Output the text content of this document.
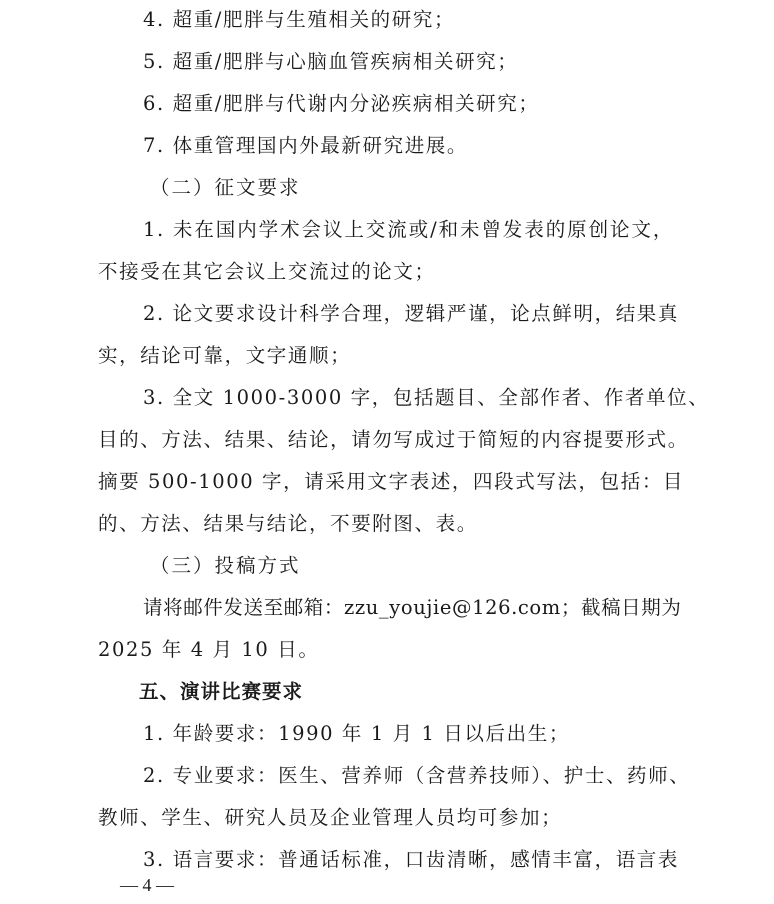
4. 超重/肥胖与生殖相关的研究；
5. 超重/肥胖与心脑血管疾病相关研究；
6. 超重/肥胖与代谢内分泌疾病相关研究；
7. 体重管理国内外最新研究进展。
（二）征文要求
1. 未在国内学术会议上交流或/和未曾发表的原创论文，
不接受在其它会议上交流过的论文；
2. 论文要求设计科学合理，逻辑严谨，论点鲜明，结果真
实，结论可靠，文字通顺；
3. 全文 1000-3000 字，包括题目、全部作者、作者单位、
目的、方法、结果、结论，请勿写成过于简短的内容提要形式。
摘要 500-1000 字，请采用文字表述，四段式写法，包括：目
的、方法、结果与结论，不要附图、表。
（三）投稿方式
请将邮件发送至邮箱：zzu_youjie@126.com；截稿日期为
2025 年 4 月 10 日。
五、演讲比赛要求
1. 年龄要求：1990 年 1 月 1 日以后出生；
2. 专业要求：医生、营养师（含营养技师）、护士、药师、
教师、学生、研究人员及企业管理人员均可参加；
3. 语言要求：普通话标准，口齿清晰，感情丰富，语言表
— 4 —
